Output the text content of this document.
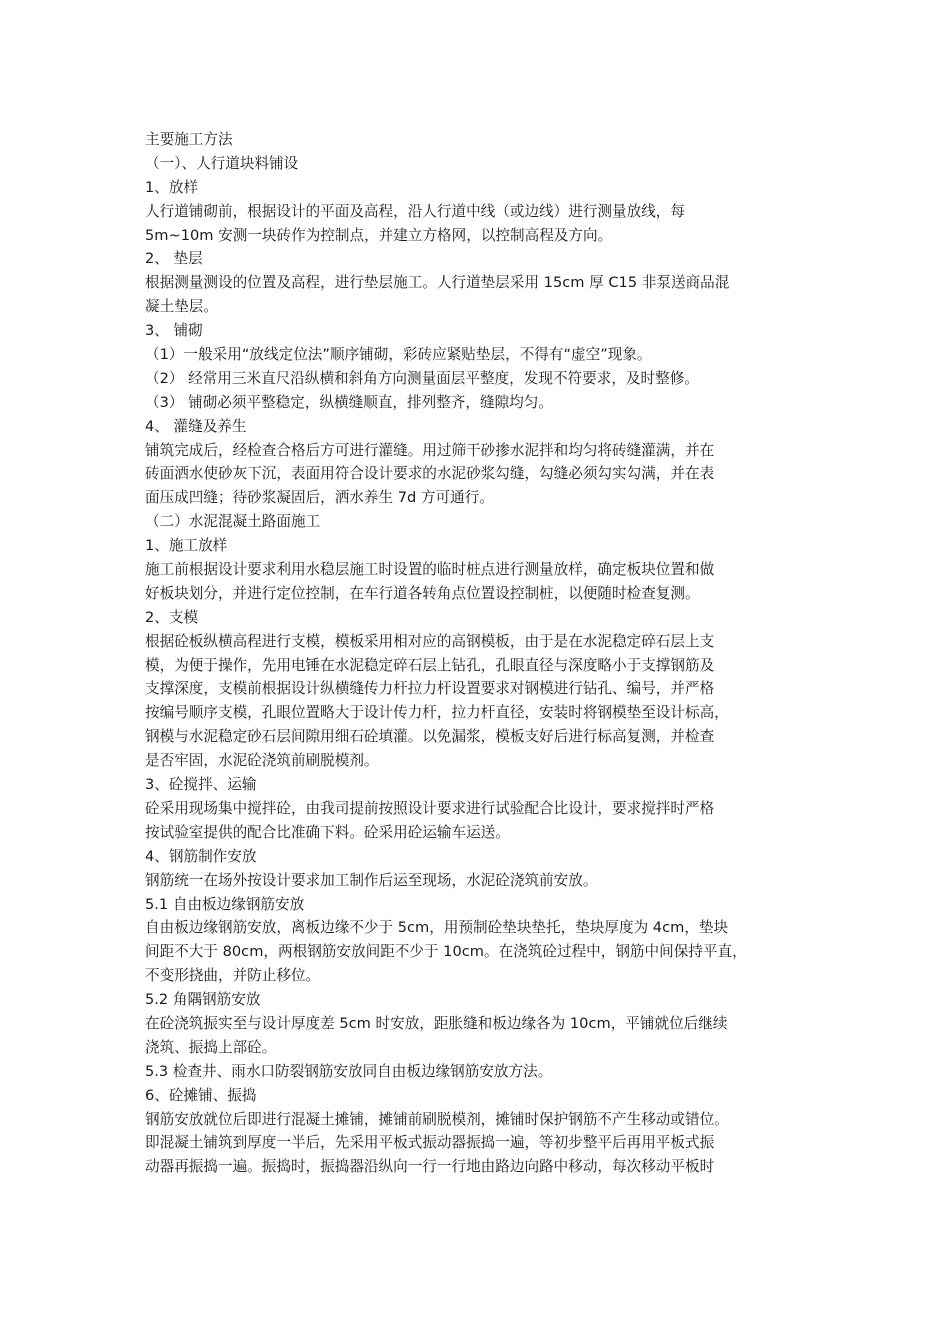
主要施工方法
（一）、人行道块料铺设
1、放样
人行道铺砌前，根据设计的平面及高程，沿人行道中线（或边线）进行测量放线，每
5m~10m 安测一块砖作为控制点，并建立方格网，以控制高程及方向。
2、 垫层
根据测量测设的位置及高程，进行垫层施工。人行道垫层采用 15cm 厚 C15 非泵送商品混
凝土垫层。
3、 铺砌
（1）一般采用“放线定位法”顺序铺砌，彩砖应紧贴垫层，不得有“虚空”现象。
（2） 经常用三米直尺沿纵横和斜角方向测量面层平整度，发现不符要求，及时整修。
（3） 铺砌必须平整稳定，纵横缝顺直，排列整齐，缝隙均匀。
4、 灌缝及养生
铺筑完成后，经检查合格后方可进行灌缝。用过筛干砂掺水泥拌和均匀将砖缝灌满，并在
砖面洒水使砂灰下沉，表面用符合设计要求的水泥砂浆勾缝，勾缝必须勾实勾满，并在表
面压成凹缝；待砂浆凝固后，洒水养生 7d 方可通行。
（二）水泥混凝土路面施工
1、施工放样
施工前根据设计要求利用水稳层施工时设置的临时桩点进行测量放样，确定板块位置和做
好板块划分，并进行定位控制，在车行道各转角点位置设控制桩，以便随时检查复测。
2、支模
根据砼板纵横高程进行支模，模板采用相对应的高钢模板，由于是在水泥稳定碎石层上支
模，为便于操作，先用电锤在水泥稳定碎石层上钻孔，孔眼直径与深度略小于支撑钢筋及
支撑深度，支模前根据设计纵横缝传力杆拉力杆设置要求对钢模进行钻孔、编号，并严格
按编号顺序支模，孔眼位置略大于设计传力杆，拉力杆直径，安装时将钢模垫至设计标高，
钢模与水泥稳定砂石层间隙用细石砼填灌。以免漏浆，模板支好后进行标高复测，并检查
是否牢固，水泥砼浇筑前刷脱模剂。
3、砼搅拌、运输
砼采用现场集中搅拌砼，由我司提前按照设计要求进行试验配合比设计，要求搅拌时严格
按试验室提供的配合比准确下料。砼采用砼运输车运送。
4、钢筋制作安放
钢筋统一在场外按设计要求加工制作后运至现场，水泥砼浇筑前安放。
5.1 自由板边缘钢筋安放
自由板边缘钢筋安放，离板边缘不少于 5cm，用预制砼垫块垫托，垫块厚度为 4cm，垫块
间距不大于 80cm，两根钢筋安放间距不少于 10cm。在浇筑砼过程中，钢筋中间保持平直，
不变形挠曲，并防止移位。
5.2 角隅钢筋安放
在砼浇筑振实至与设计厚度差 5cm 时安放，距胀缝和板边缘各为 10cm，平铺就位后继续
浇筑、振捣上部砼。
5.3 检查井、雨水口防裂钢筋安放同自由板边缘钢筋安放方法。
6、砼摊铺、振捣
钢筋安放就位后即进行混凝土摊铺，摊铺前刷脱模剂，摊铺时保护钢筋不产生移动或错位。
即混凝土铺筑到厚度一半后，先采用平板式振动器振捣一遍，等初步整平后再用平板式振
动器再振捣一遍。振捣时，振捣器沿纵向一行一行地由路边向路中移动，每次移动平板时
